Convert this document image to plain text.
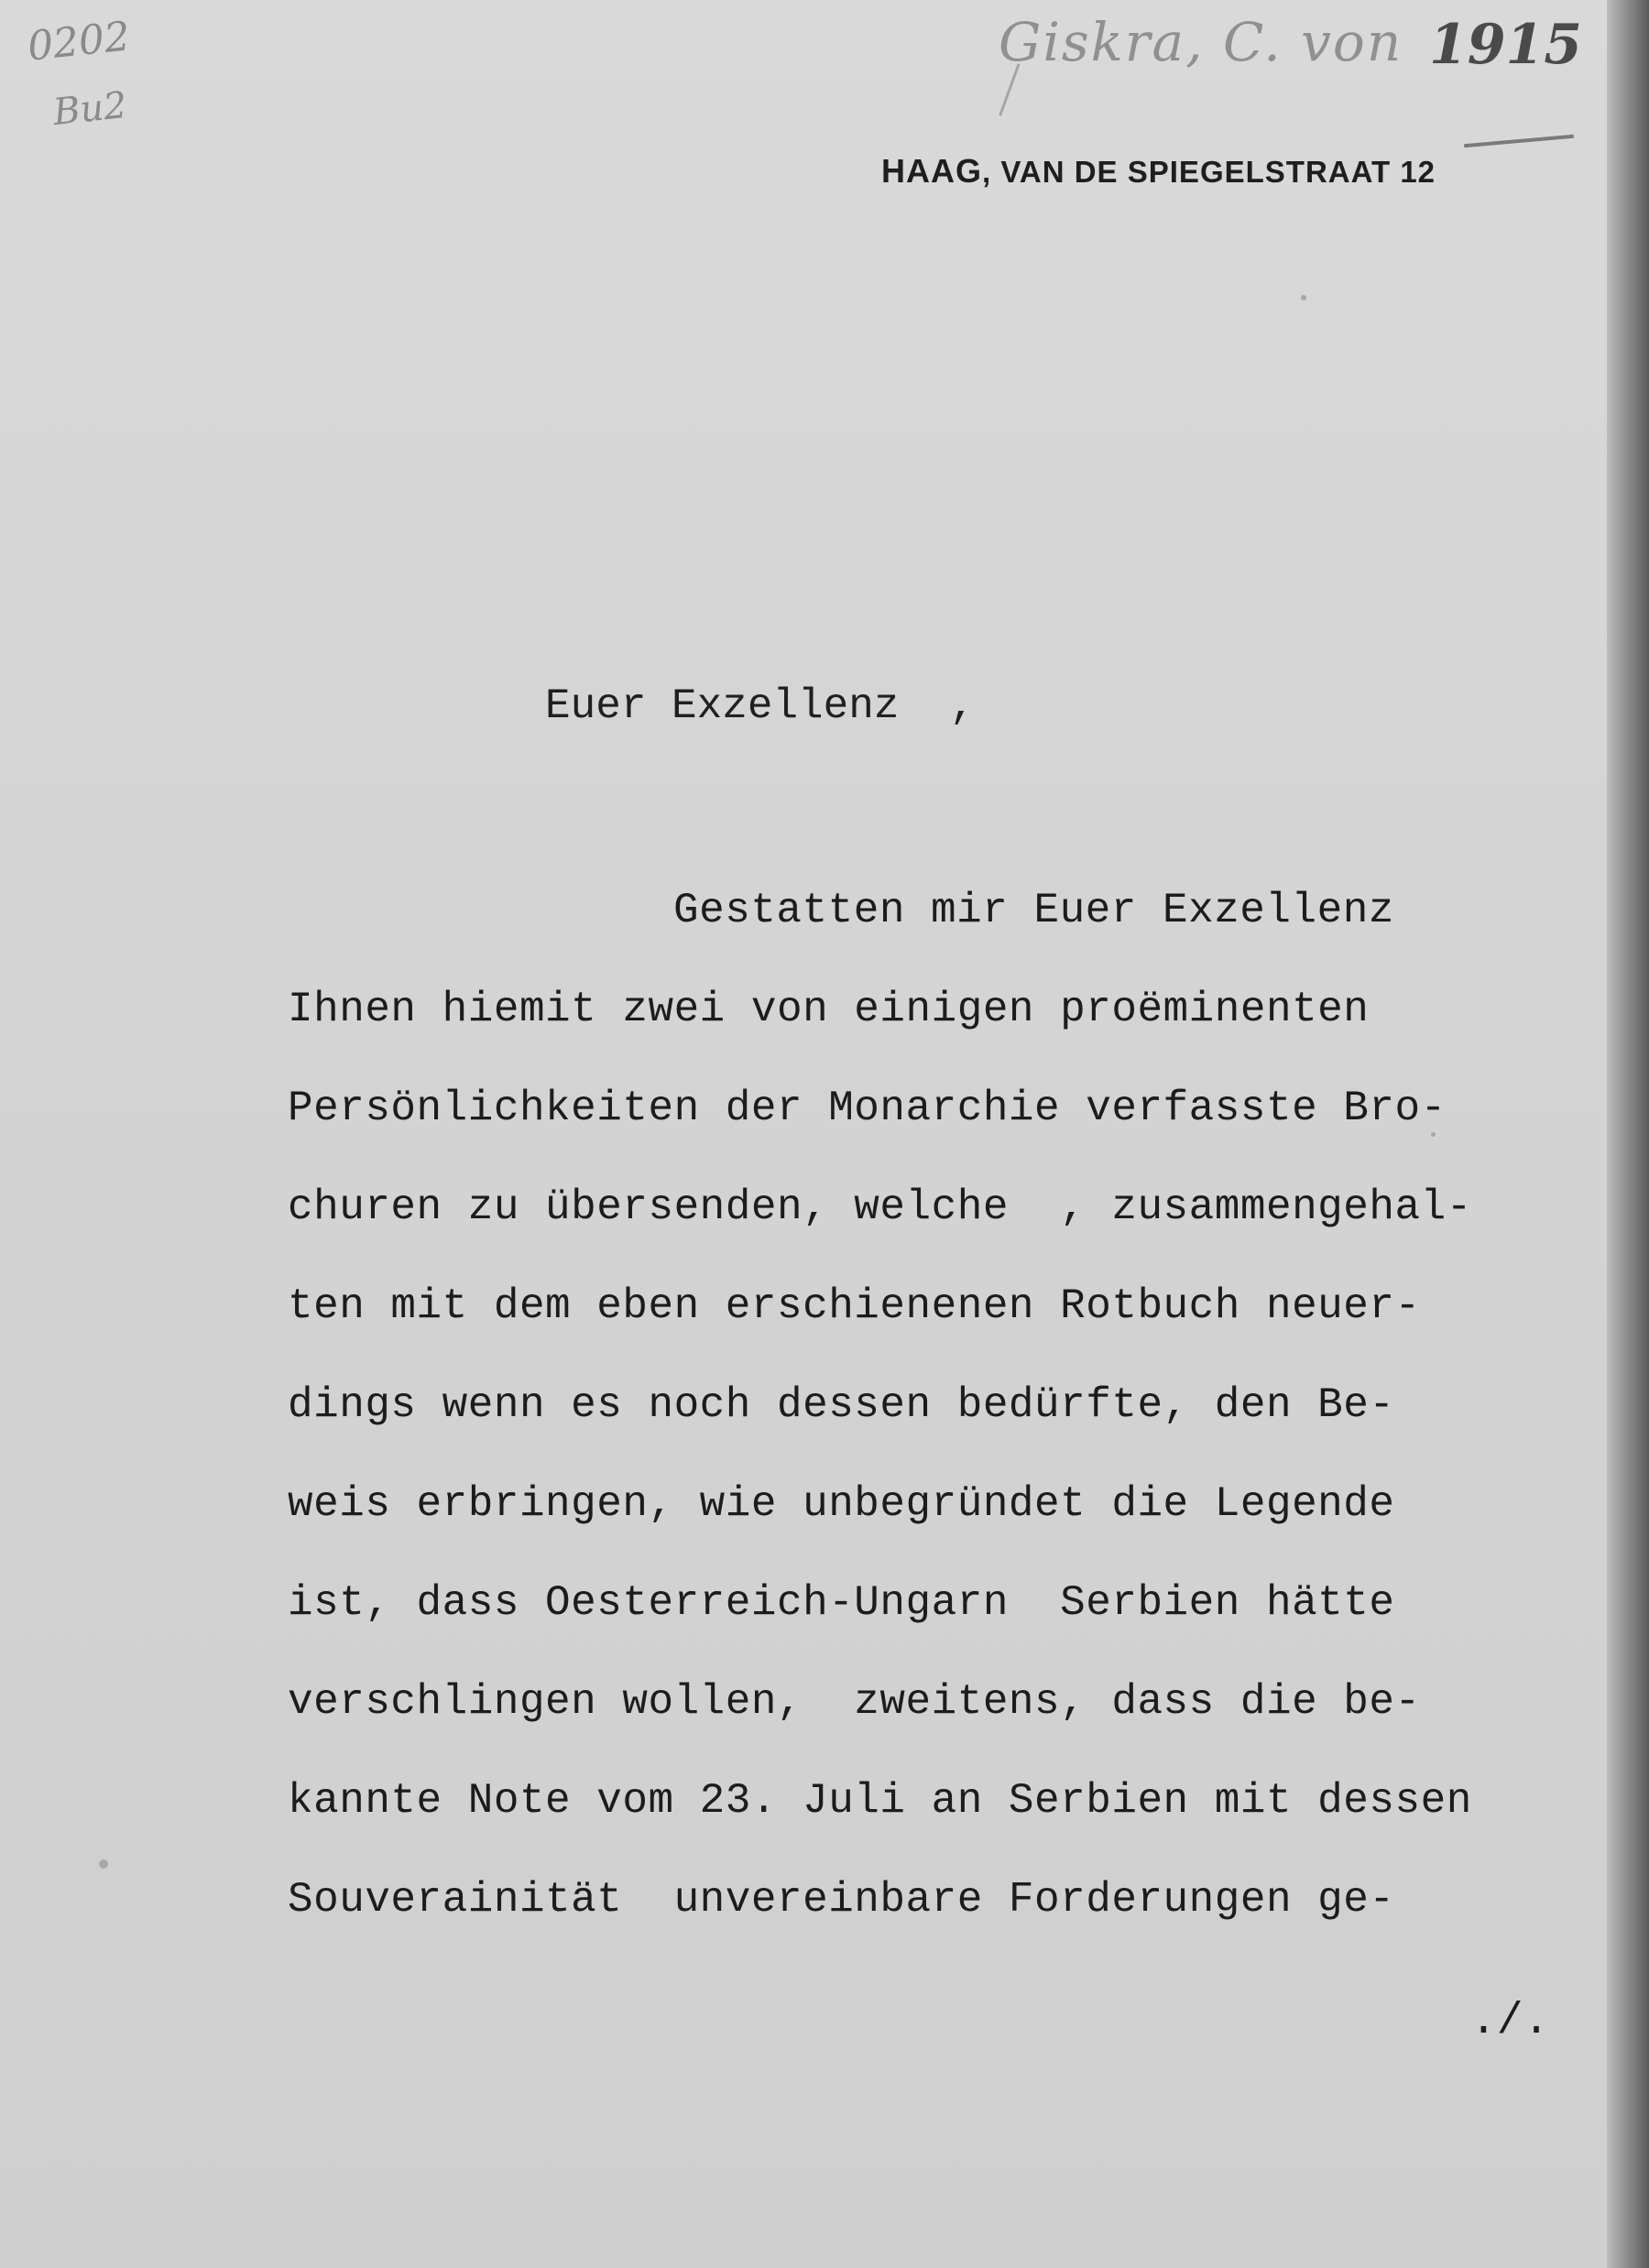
0202
Bu2
Giskra, C. von 1915
HAAG, VAN DE SPIEGELSTRAAT 12
Euer Exzellenz  ,
Gestatten mir Euer Exzellenz
Ihnen hiemit zwei von einigen proëminenten
Persönlichkeiten der Monarchie verfasste Bro-
churen zu übersenden, welche  , zusammengehal-
ten mit dem eben erschienenen Rotbuch neuer-
dings wenn es noch dessen bedürfte, den Be-
weis erbringen, wie unbegründet die Legende
ist, dass Oesterreich-Ungarn  Serbien hätte
verschlingen wollen,  zweitens, dass die be-
kannte Note vom 23. Juli an Serbien mit dessen
Souverainität  unvereinbare Forderungen ge-
./.
